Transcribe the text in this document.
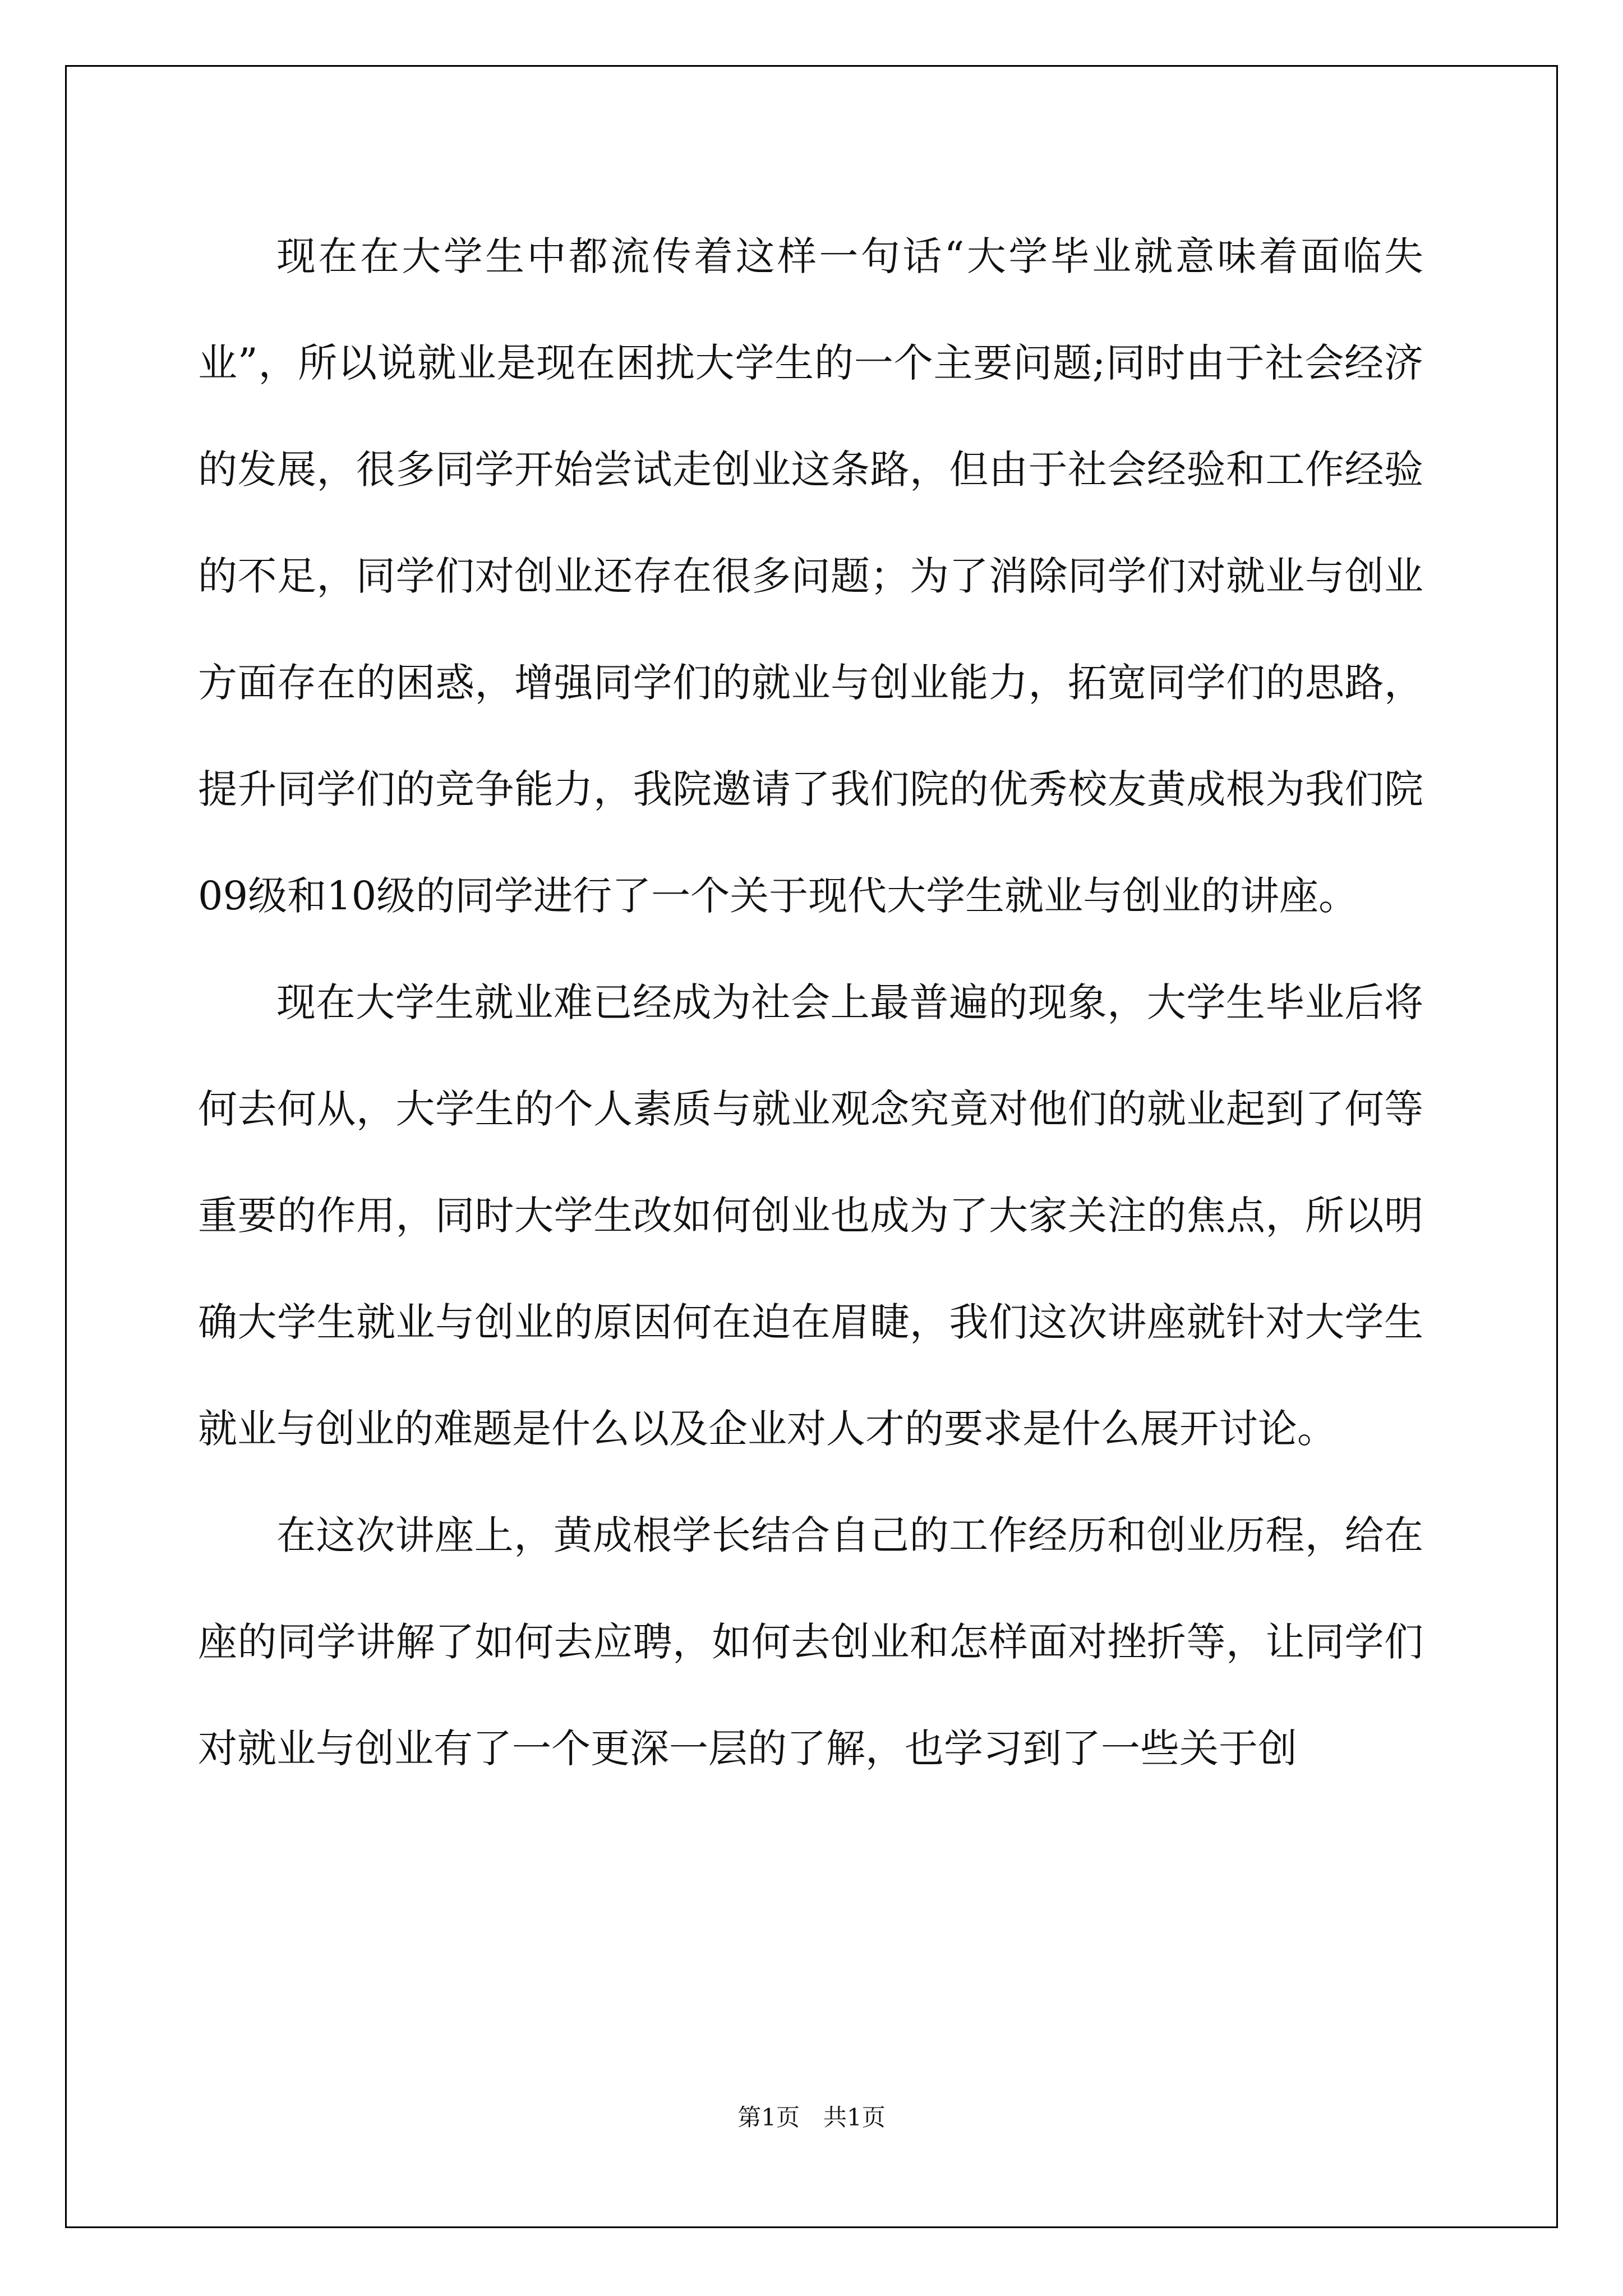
现在在大学生中都流传着这样一句话“大学毕业就意味着面临失业”，所以说就业是现在困扰大学生的一个主要问题;同时由于社会经济的发展，很多同学开始尝试走创业这条路，但由于社会经验和工作经验的不足，同学们对创业还存在很多问题；为了消除同学们对就业与创业方面存在的困惑，增强同学们的就业与创业能力，拓宽同学们的思路，提升同学们的竞争能力，我院邀请了我们院的优秀校友黄成根为我们院09级和10级的同学进行了一个关于现代大学生就业与创业的讲座。

现在大学生就业难已经成为社会上最普遍的现象，大学生毕业后将何去何从，大学生的个人素质与就业观念究竟对他们的就业起到了何等重要的作用，同时大学生改如何创业也成为了大家关注的焦点，所以明确大学生就业与创业的原因何在迫在眉睫，我们这次讲座就针对大学生就业与创业的难题是什么以及企业对人才的要求是什么展开讨论。

在这次讲座上，黄成根学长结合自己的工作经历和创业历程，给在座的同学讲解了如何去应聘，如何去创业和怎样面对挫折等，让同学们对就业与创业有了一个更深一层的了解，也学习到了一些关于创

第1页　共1页
